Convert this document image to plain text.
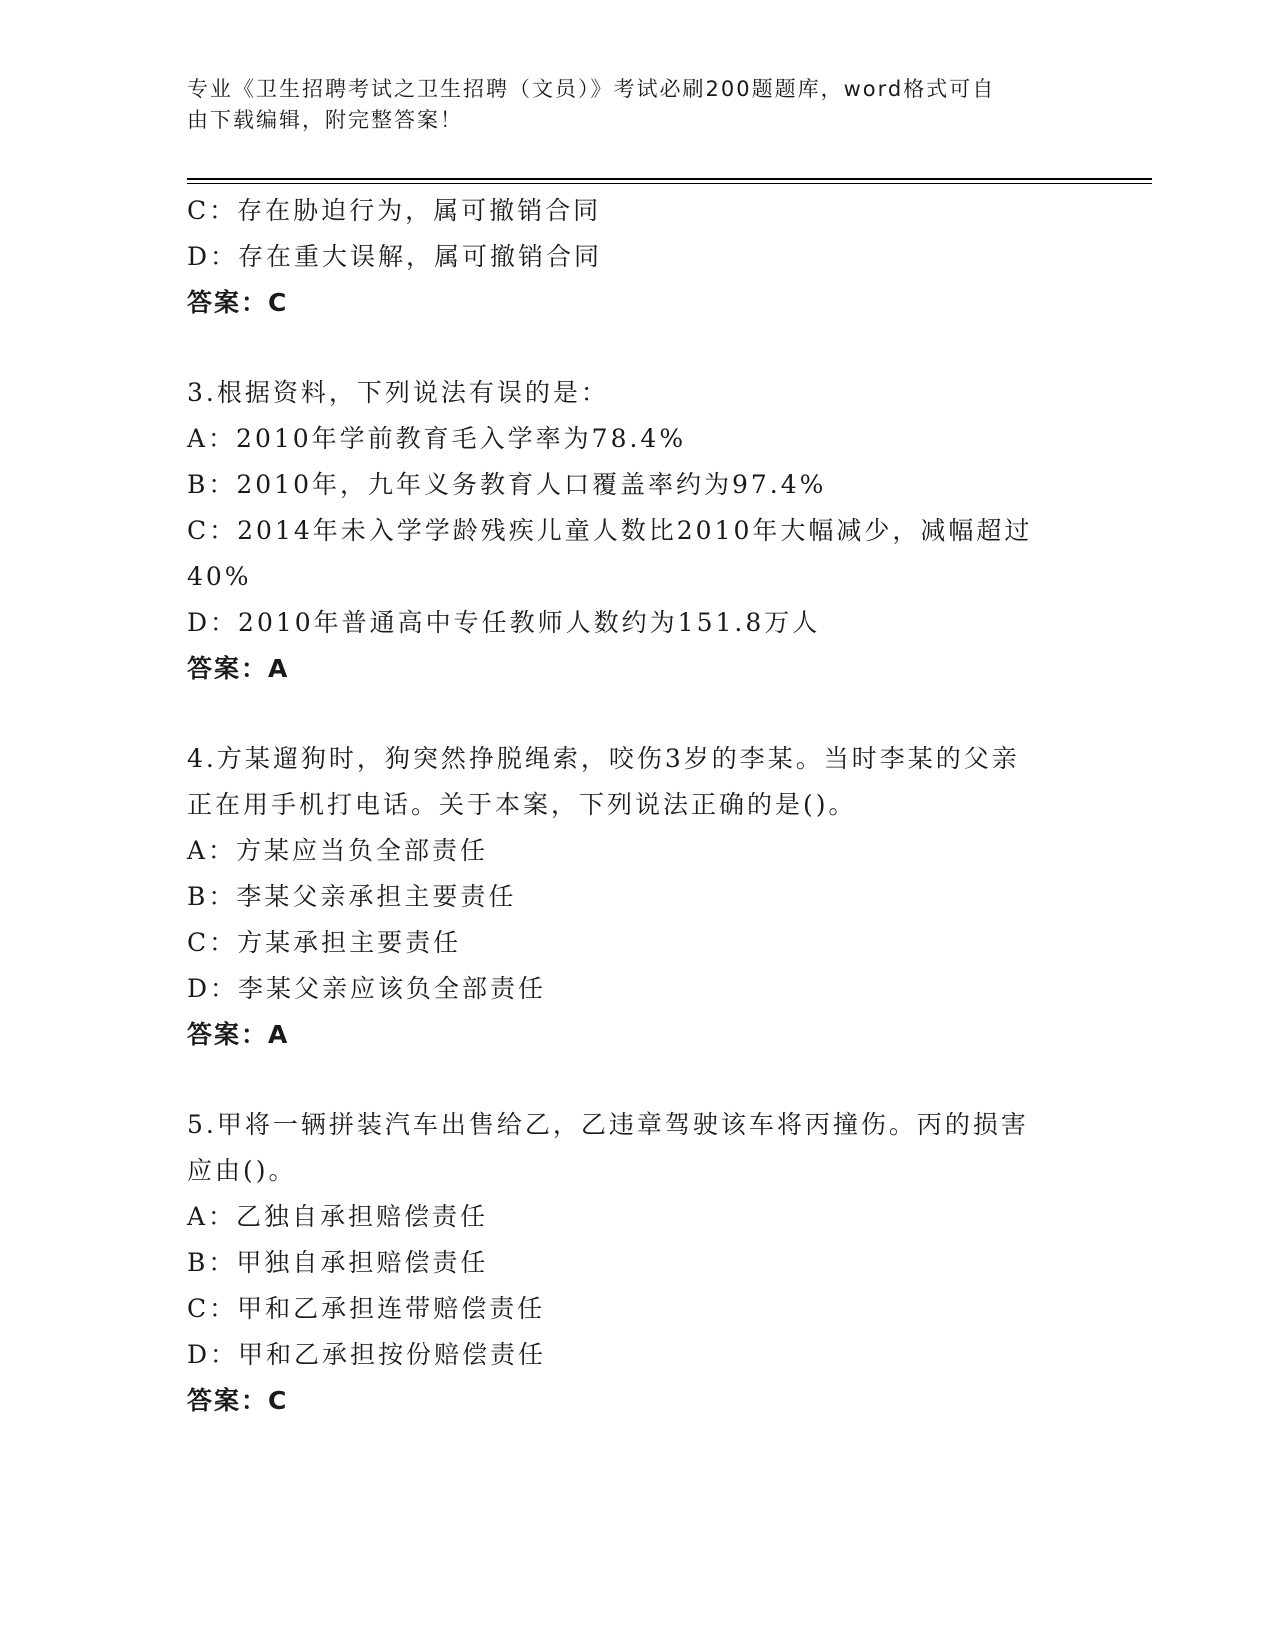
专业《卫生招聘考试之卫生招聘（文员）》考试必刷200题题库，word格式可自
由下载编辑，附完整答案！
C：存在胁迫行为，属可撤销合同
D：存在重大误解，属可撤销合同
答案：C
3.根据资料，下列说法有误的是：
A：2010年学前教育毛入学率为78.4%
B：2010年，九年义务教育人口覆盖率约为97.4%
C：2014年未入学学龄残疾儿童人数比2010年大幅减少，减幅超过
40%
D：2010年普通高中专任教师人数约为151.8万人
答案：A
4.方某遛狗时，狗突然挣脱绳索，咬伤3岁的李某。当时李某的父亲
正在用手机打电话。关于本案，下列说法正确的是()。
A：方某应当负全部责任
B：李某父亲承担主要责任
C：方某承担主要责任
D：李某父亲应该负全部责任
答案：A
5.甲将一辆拼装汽车出售给乙，乙违章驾驶该车将丙撞伤。丙的损害
应由()。
A：乙独自承担赔偿责任
B：甲独自承担赔偿责任
C：甲和乙承担连带赔偿责任
D：甲和乙承担按份赔偿责任
答案：C
